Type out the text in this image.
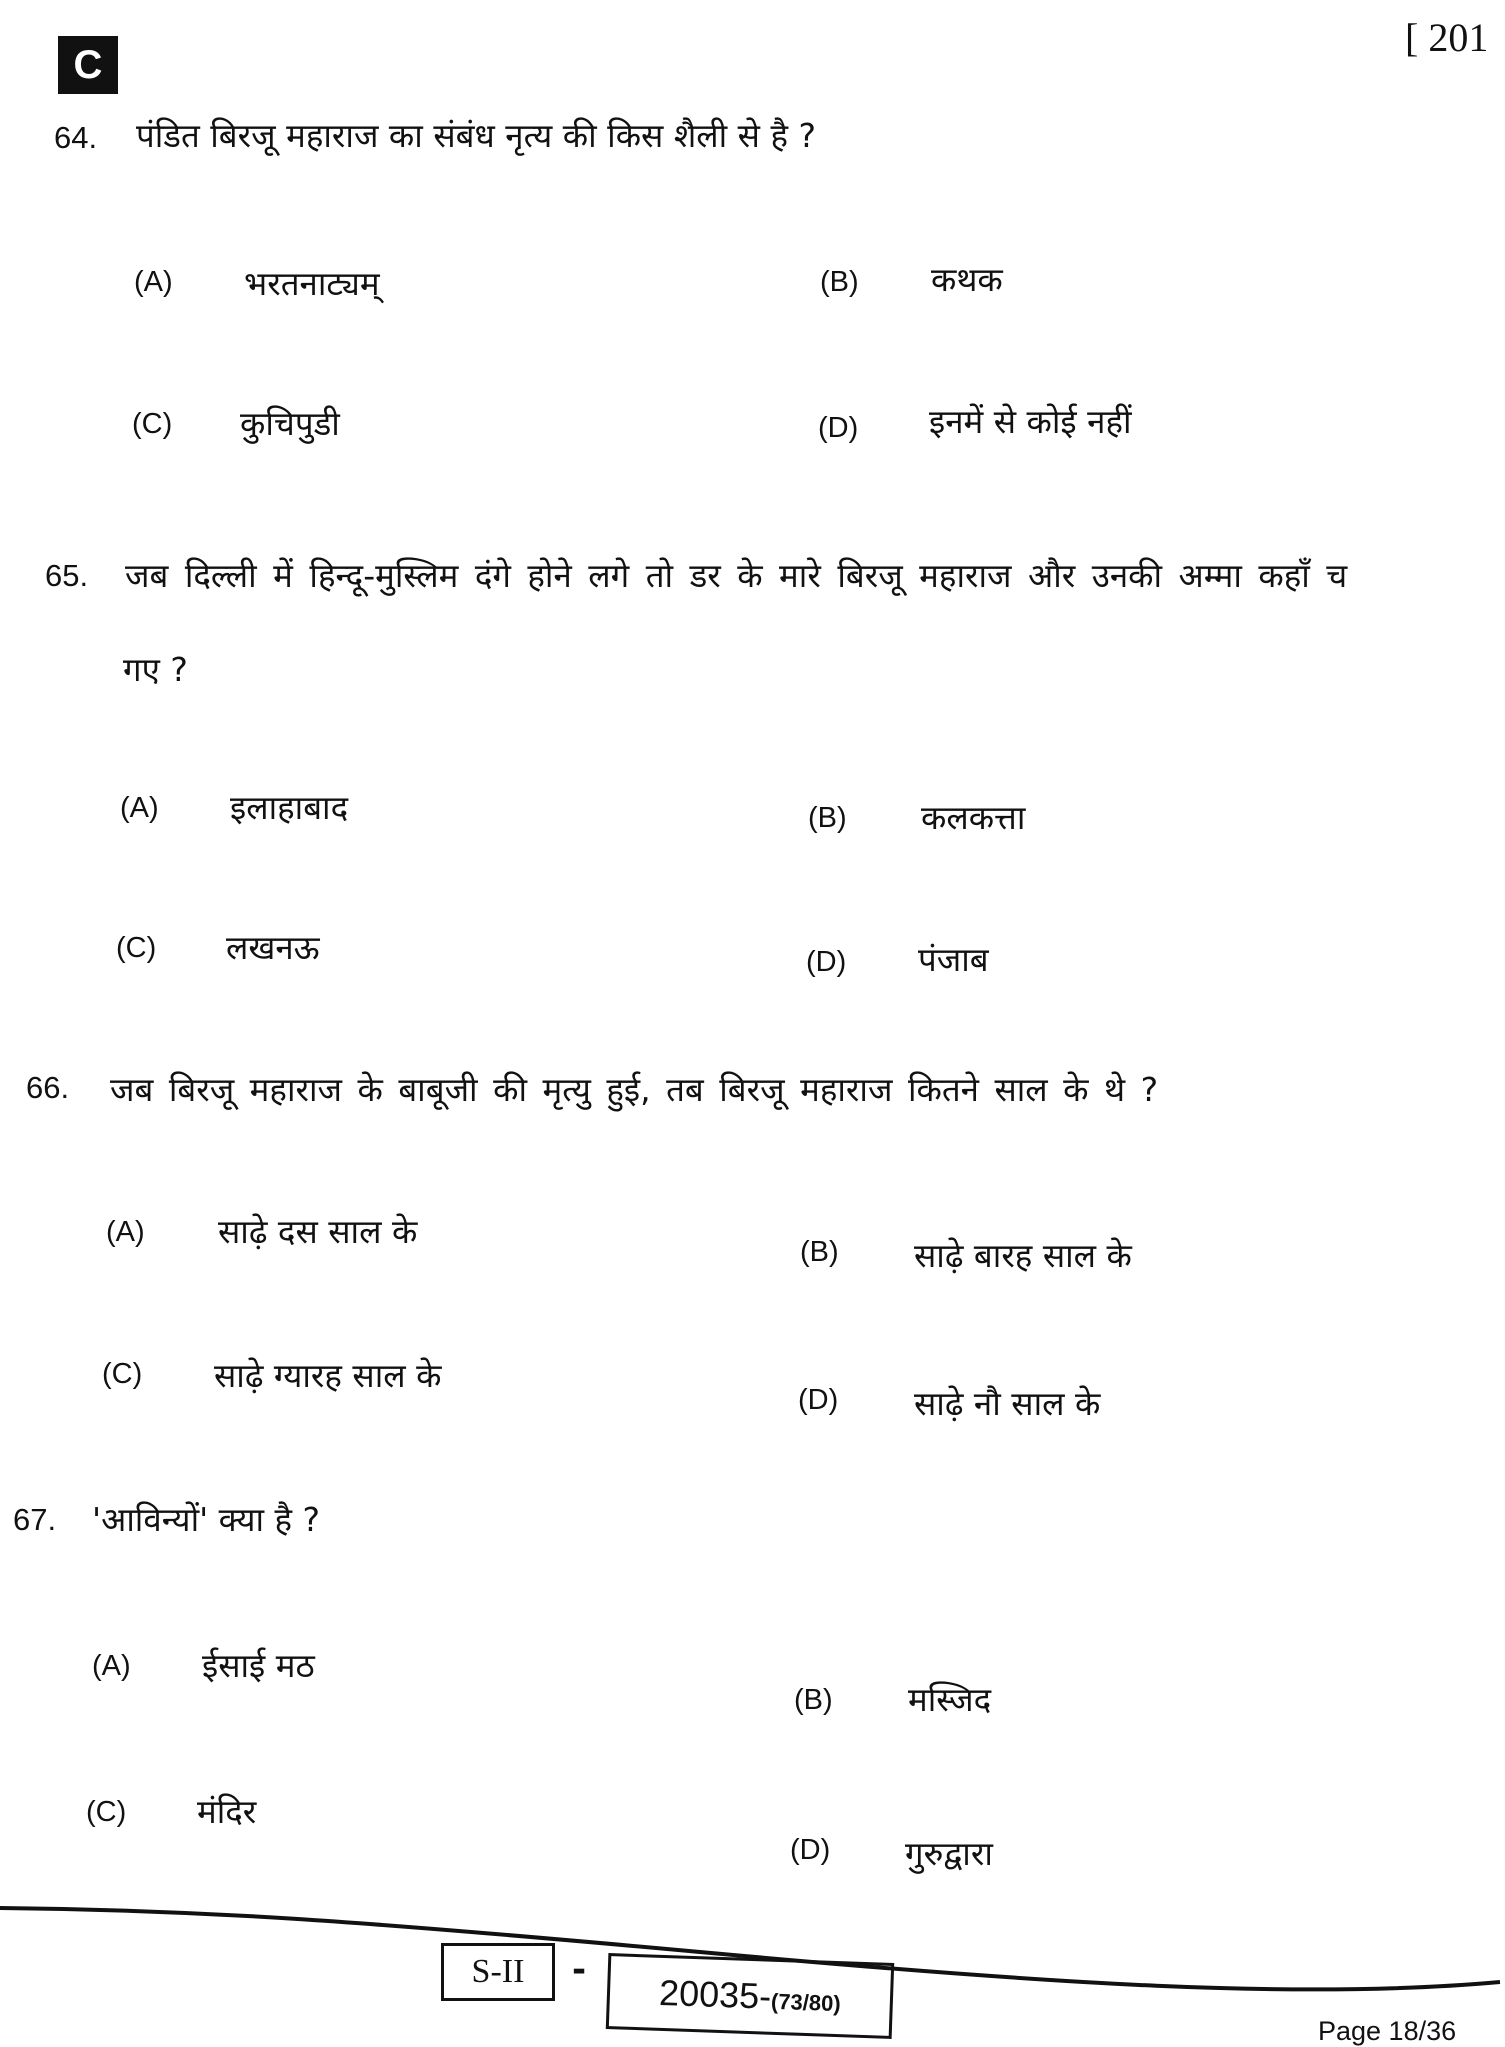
C
[ 201
64. पंडित बिरजू महाराज का संबंध नृत्य की किस शैली से है ?
(A) भरतनाट्यम्	(B) कथक
(C) कुचिपुडी	(D) इनमें से कोई नहीं
65. जब दिल्ली में हिन्दू-मुस्लिम दंगे होने लगे तो डर के मारे बिरजू महाराज और उनकी अम्मा कहाँ च
गए ?
(A) इलाहाबाद	(B) कलकत्ता
(C) लखनऊ	(D) पंजाब
66. जब बिरजू महाराज के बाबूजी की मृत्यु हुई, तब बिरजू महाराज कितने साल के थे ?
(A) साढ़े दस साल के
(B) साढ़े बारह साल के
(C) साढ़े ग्यारह साल के
(D) साढ़े नौ साल के
67. 'आविन्यों' क्या है ?
(A) ईसाई मठ
(B) मस्जिद
(C) मंदिर
(D) गुरुद्वारा
S-II	-
20035-
(73/80)
Page 18/36
